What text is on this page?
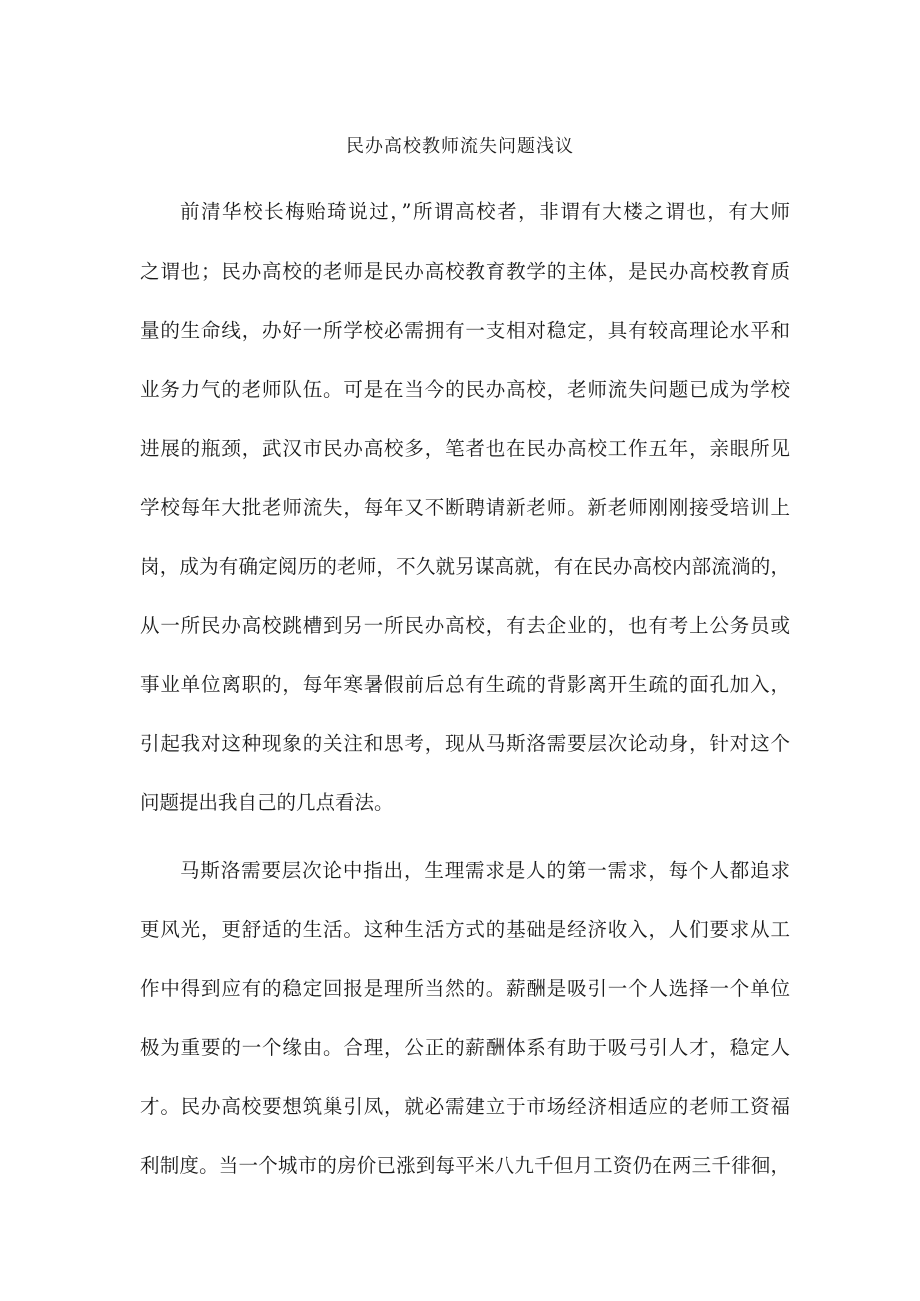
民办高校教师流失问题浅议
前清华校长梅贻琦说过，”所谓高校者，非谓有大楼之谓也，有大师
之谓也；民办高校的老师是民办高校教育教学的主体，是民办高校教育质
量的生命线，办好一所学校必需拥有一支相对稳定，具有较高理论水平和
业务力气的老师队伍。可是在当今的民办高校，老师流失问题已成为学校
进展的瓶颈，武汉市民办高校多，笔者也在民办高校工作五年，亲眼所见
学校每年大批老师流失，每年又不断聘请新老师。新老师刚刚接受培训上
岗，成为有确定阅历的老师，不久就另谋高就，有在民办高校内部流淌的，
从一所民办高校跳槽到另一所民办高校，有去企业的，也有考上公务员或
事业单位离职的，每年寒暑假前后总有生疏的背影离开生疏的面孔加入，
引起我对这种现象的关注和思考，现从马斯洛需要层次论动身，针对这个
问题提出我自己的几点看法。
马斯洛需要层次论中指出，生理需求是人的第一需求，每个人都追求
更风光，更舒适的生活。这种生活方式的基础是经济收入，人们要求从工
作中得到应有的稳定回报是理所当然的。薪酬是吸引一个人选择一个单位
极为重要的一个缘由。合理，公正的薪酬体系有助于吸弓引人才，稳定人
才。民办高校要想筑巢引凤，就必需建立于市场经济相适应的老师工资福
利制度。当一个城市的房价已涨到每平米八九千但月工资仍在两三千徘徊，
